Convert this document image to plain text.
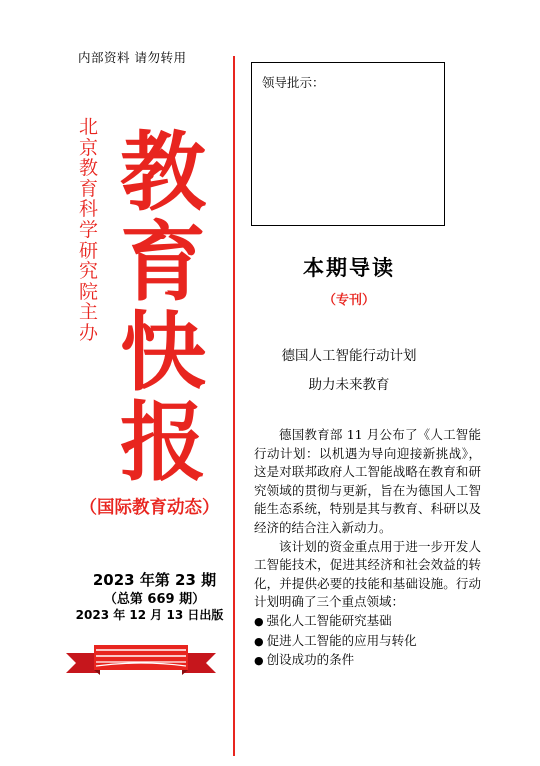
内部资料 请勿转用
北京教育科学研究院 主办
教育快报
（国际教育动态）
2023 年第 23 期
（总第 669 期）
2023 年 12 月 13 日出版
领导批示：
本期导读
（专刊）
德国人工智能行动计划
助力未来教育

德国教育部 11 月公布了《人工智能行动计划：以机遇为导向迎接新挑战》，这是对联邦政府人工智能战略在教育和研究领域的贯彻与更新，旨在为德国人工智能生态系统，特别是其与教育、科研以及经济的结合注入新动力。

该计划的资金重点用于进一步开发人工智能技术，促进其经济和社会效益的转化，并提供必要的技能和基础设施。行动计划明确了三个重点领域：

● 强化人工智能研究基础
● 促进人工智能的应用与转化
● 创设成功的条件
